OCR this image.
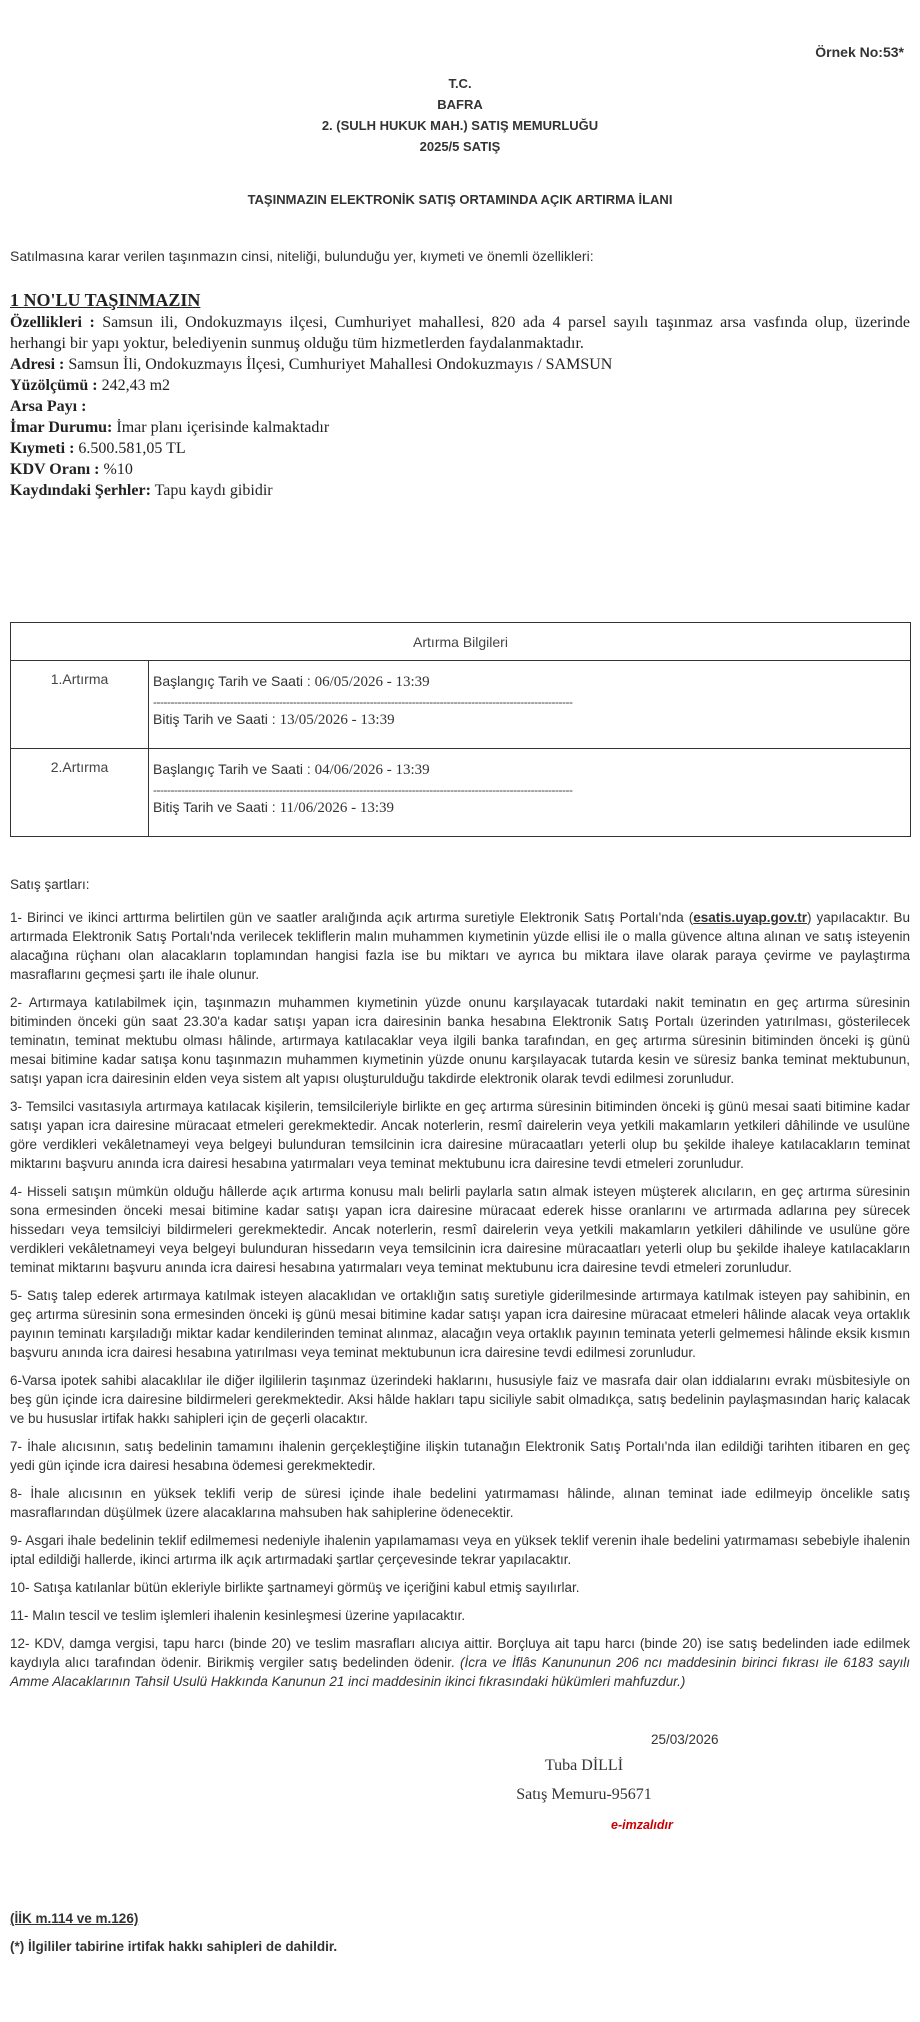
Örnek No:53*
T.C.
BAFRA
2. (SULH HUKUK MAH.) SATIŞ MEMURLUĞU
2025/5 SATIŞ
TAŞINMAZIN ELEKTRONİK SATIŞ ORTAMINDA AÇIK ARTIRMA İLANI
Satılmasına karar verilen taşınmazın cinsi, niteliği, bulunduğu yer, kıymeti ve önemli özellikleri:
1 NO'LU TAŞINMAZIN
Özellikleri : Samsun ili, Ondokuzmayıs ilçesi, Cumhuriyet mahallesi, 820 ada 4 parsel sayılı taşınmaz arsa vasfında olup, üzerinde herhangi bir yapı yoktur, belediyenin sunmuş olduğu tüm hizmetlerden faydalanmaktadır.
Adresi : Samsun İli, Ondokuzmayıs İlçesi, Cumhuriyet Mahallesi Ondokuzmayıs / SAMSUN
Yüzölçümü : 242,43 m2
Arsa Payı :
İmar Durumu: İmar planı içerisinde kalmaktadır
Kıymeti : 6.500.581,05 TL
KDV Oranı : %10
Kaydındaki Şerhler: Tapu kaydı gibidir
Artırma Bilgileri	
1.Artırma	Başlangıç Tarih ve Saati : 06/05/2026 - 13:39
------------------------------------------------------------------------------------------------------------------------
Bitiş Tarih ve Saati : 13/05/2026 - 13:39

2.Artırma	Başlangıç Tarih ve Saati : 04/06/2026 - 13:39
------------------------------------------------------------------------------------------------------------------------
Bitiş Tarih ve Saati : 11/06/2026 - 13:39

Satış şartları:

1- Birinci ve ikinci arttırma belirtilen gün ve saatler aralığında açık artırma suretiyle Elektronik Satış Portalı'nda (esatis.uyap.gov.tr) yapılacaktır. Bu artırmada Elektronik Satış Portalı'nda verilecek tekliflerin malın muhammen kıymetinin yüzde ellisi ile o malla güvence altına alınan ve satış isteyenin alacağına rüçhanı olan alacakların toplamından hangisi fazla ise bu miktarı ve ayrıca bu miktara ilave olarak paraya çevirme ve paylaştırma masraflarını geçmesi şartı ile ihale olunur.

2- Artırmaya katılabilmek için, taşınmazın muhammen kıymetinin yüzde onunu karşılayacak tutardaki nakit teminatın en geç artırma süresinin bitiminden önceki gün saat 23.30'a kadar satışı yapan icra dairesinin banka hesabına Elektronik Satış Portalı üzerinden yatırılması, gösterilecek teminatın, teminat mektubu olması hâlinde, artırmaya katılacaklar veya ilgili banka tarafından, en geç artırma süresinin bitiminden önceki iş günü mesai bitimine kadar satışa konu taşınmazın muhammen kıymetinin yüzde onunu karşılayacak tutarda kesin ve süresiz banka teminat mektubunun, satışı yapan icra dairesinin elden veya sistem alt yapısı oluşturulduğu takdirde elektronik olarak tevdi edilmesi zorunludur.

3- Temsilci vasıtasıyla artırmaya katılacak kişilerin, temsilcileriyle birlikte en geç artırma süresinin bitiminden önceki iş günü mesai saati bitimine kadar satışı yapan icra dairesine müracaat etmeleri gerekmektedir. Ancak noterlerin, resmî dairelerin veya yetkili makamların yetkileri dâhilinde ve usulüne göre verdikleri vekâletnameyi veya belgeyi bulunduran temsilcinin icra dairesine müracaatları yeterli olup bu şekilde ihaleye katılacakların teminat miktarını başvuru anında icra dairesi hesabına yatırmaları veya teminat mektubunu icra dairesine tevdi etmeleri zorunludur.

4- Hisseli satışın mümkün olduğu hâllerde açık artırma konusu malı belirli paylarla satın almak isteyen müşterek alıcıların, en geç artırma süresinin sona ermesinden önceki mesai bitimine kadar satışı yapan icra dairesine müracaat ederek hisse oranlarını ve artırmada adlarına pey sürecek hissedarı veya temsilciyi bildirmeleri gerekmektedir. Ancak noterlerin, resmî dairelerin veya yetkili makamların yetkileri dâhilinde ve usulüne göre verdikleri vekâletnameyi veya belgeyi bulunduran hissedarın veya temsilcinin icra dairesine müracaatları yeterli olup bu şekilde ihaleye katılacakların teminat miktarını başvuru anında icra dairesi hesabına yatırmaları veya teminat mektubunu icra dairesine tevdi etmeleri zorunludur.

5- Satış talep ederek artırmaya katılmak isteyen alacaklıdan ve ortaklığın satış suretiyle giderilmesinde artırmaya katılmak isteyen pay sahibinin, en geç artırma süresinin sona ermesinden önceki iş günü mesai bitimine kadar satışı yapan icra dairesine müracaat etmeleri hâlinde alacak veya ortaklık payının teminatı karşıladığı miktar kadar kendilerinden teminat alınmaz, alacağın veya ortaklık payının teminata yeterli gelmemesi hâlinde eksik kısmın başvuru anında icra dairesi hesabına yatırılması veya teminat mektubunun icra dairesine tevdi edilmesi zorunludur.

6-Varsa ipotek sahibi alacaklılar ile diğer ilgililerin taşınmaz üzerindeki haklarını, hususiyle faiz ve masrafa dair olan iddialarını evrakı müsbitesiyle on beş gün içinde icra dairesine bildirmeleri gerekmektedir. Aksi hâlde hakları tapu siciliyle sabit olmadıkça, satış bedelinin paylaşmasından hariç kalacak ve bu hususlar irtifak hakkı sahipleri için de geçerli olacaktır.

7- İhale alıcısının, satış bedelinin tamamını ihalenin gerçekleştiğine ilişkin tutanağın Elektronik Satış Portalı'nda ilan edildiği tarihten itibaren en geç yedi gün içinde icra dairesi hesabına ödemesi gerekmektedir.

8- İhale alıcısının en yüksek teklifi verip de süresi içinde ihale bedelini yatırmaması hâlinde, alınan teminat iade edilmeyip öncelikle satış masraflarından düşülmek üzere alacaklarına mahsuben hak sahiplerine ödenecektir.

9- Asgari ihale bedelinin teklif edilmemesi nedeniyle ihalenin yapılamaması veya en yüksek teklif verenin ihale bedelini yatırmaması sebebiyle ihalenin iptal edildiği hallerde, ikinci artırma ilk açık artırmadaki şartlar çerçevesinde tekrar yapılacaktır.

10- Satışa katılanlar bütün ekleriyle birlikte şartnameyi görmüş ve içeriğini kabul etmiş sayılırlar.

11- Malın tescil ve teslim işlemleri ihalenin kesinleşmesi üzerine yapılacaktır.

12- KDV, damga vergisi, tapu harcı (binde 20) ve teslim masrafları alıcıya aittir. Borçluya ait tapu harcı (binde 20) ise satış bedelinden iade edilmek kaydıyla alıcı tarafından ödenir. Birikmiş vergiler satış bedelinden ödenir. (İcra ve İflâs Kanununun 206 ncı maddesinin birinci fıkrası ile 6183 sayılı Amme Alacaklarının Tahsil Usulü Hakkında Kanunun 21 inci maddesinin ikinci fıkrasındaki hükümleri mahfuzdur.)

25/03/2026
Tuba DİLLİ
Satış Memuru-95671
e-imzalıdır
(İİK m.114 ve m.126)
(*) İlgililer tabirine irtifak hakkı sahipleri de dahildir.
